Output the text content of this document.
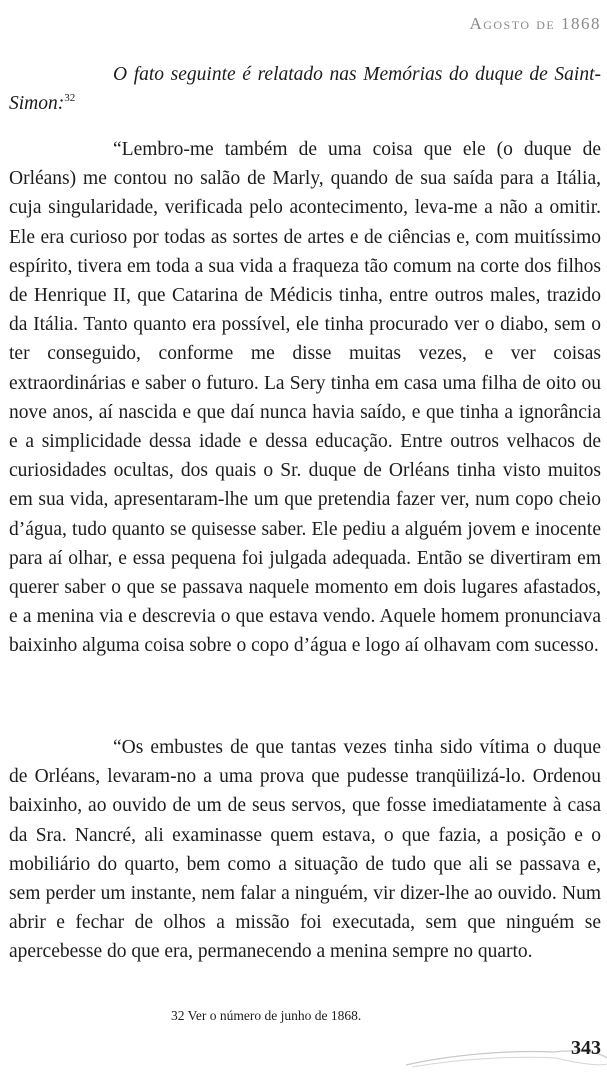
Agosto de 1868

O fato seguinte é relatado nas Memórias do duque de Saint-Simon:$^{32}$

“Lembro-me também de uma coisa que ele (o duque de Orléans) me contou no salão de Marly, quando de sua saída para a Itália, cuja singularidade, verificada pelo acontecimento, leva-me a não a omitir. Ele era curioso por todas as sortes de artes e de ciências e, com muitíssimo espírito, tivera em toda a sua vida a fraqueza tão comum na corte dos filhos de Henrique II, que Catarina de Médicis tinha, entre outros males, trazido da Itália. Tanto quanto era possível, ele tinha procurado ver o diabo, sem o ter conseguido, conforme me disse muitas vezes, e ver coisas extraordinárias e saber o futuro. La Sery tinha em casa uma filha de oito ou nove anos, aí nascida e que daí nunca havia saído, e que tinha a ignorância e a simplicidade dessa idade e dessa educação. Entre outros velhacos de curiosidades ocultas, dos quais o Sr. duque de Orléans tinha visto muitos em sua vida, apresentaram-lhe um que pretendia fazer ver, num copo cheio d’água, tudo quanto se quisesse saber. Ele pediu a alguém jovem e inocente para aí olhar, e essa pequena foi julgada adequada. Então se divertiram em querer saber o que se passava naquele momento em dois lugares afastados, e a menina via e descrevia o que estava vendo. Aquele homem pronunciava baixinho alguma coisa sobre o copo d’água e logo aí olhavam com sucesso.

“Os embustes de que tantas vezes tinha sido vítima o duque de Orléans, levaram-no a uma prova que pudesse tranqüilizá-lo. Ordenou baixinho, ao ouvido de um de seus servos, que fosse imediatamente à casa da Sra. Nancré, ali examinasse quem estava, o que fazia, a posição e o mobiliário do quarto, bem como a situação de tudo que ali se passava e, sem perder um instante, nem falar a ninguém, vir dizer-lhe ao ouvido. Num abrir e fechar de olhos a missão foi executada, sem que ninguém se apercebesse do que era, permanecendo a menina sempre no quarto.

32 Ver o número de junho de 1868.
343
